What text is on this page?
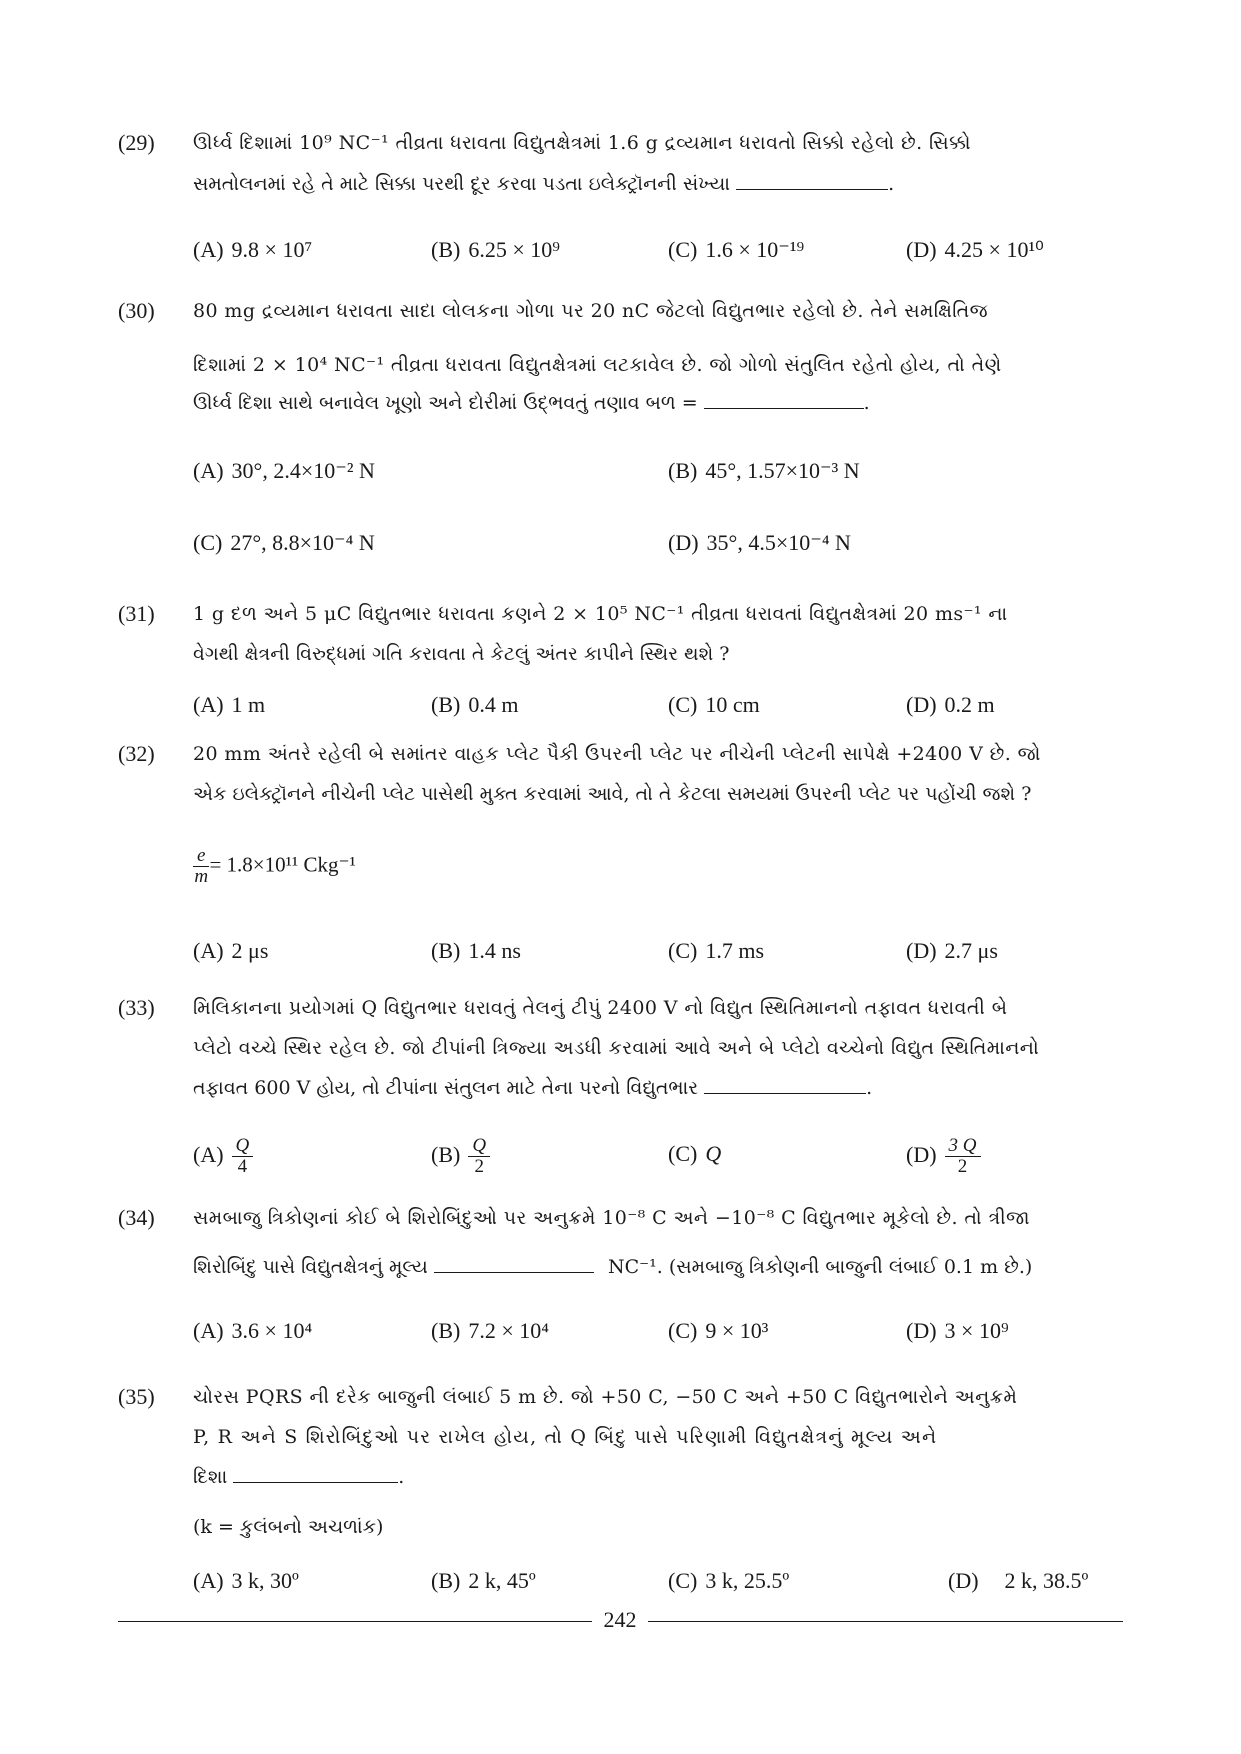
(29) ઊર્ધ્વ દિશામાં 10⁹ NC⁻¹ તીવ્રતા ધરાવતા વિદ્યુતક્ષેત્રમાં 1.6 g દ્રવ્યમાન ધરાવતો સિક્કો રહેલો છે. સિક્કો
સમતોલનમાં રહે તે માટે સિક્કા પરથી દૂર કરવા પડતા ઇલેક્ટ્રૉનની સંખ્યા	.
(A) 9.8 × 10⁷	(B) 6.25 × 10⁹	(C) 1.6 × 10⁻¹⁹	(D) 4.25 × 10¹⁰
(30) 80 mg દ્રવ્યમાન ધરાવતા સાદા લોલકના ગોળા પર 20 nC જેટલો વિદ્યુતભાર રહેલો છે. તેને સમક્ષિતિજ
દિશામાં 2 × 10⁴ NC⁻¹ તીવ્રતા ધરાવતા વિદ્યુતક્ષેત્રમાં લટકાવેલ છે. જો ગોળો સંતુલિત રહેતો હોય, તો તેણે
ઊર્ધ્વ દિશા સાથે બનાવેલ ખૂણો અને દોરીમાં ઉદ્ભવતું તણાવ બળ =	.
(A) 30°, 2.4×10⁻² N	(B) 45°, 1.57×10⁻³ N
(C) 27°, 8.8×10⁻⁴ N	(D) 35°, 4.5×10⁻⁴ N
(31) 1 g દળ અને 5 μC વિદ્યુતભાર ધરાવતા કણને 2 × 10⁵ NC⁻¹ તીવ્રતા ધરાવતાં વિદ્યુતક્ષેત્રમાં 20 ms⁻¹ ના
વેગથી ક્ષેત્રની વિરુદ્ધમાં ગતિ કરાવતા તે કેટલું અંતર કાપીને સ્થિર થશે ?
(A) 1 m	(B) 0.4 m	(C) 10 cm	(D) 0.2 m
(32) 20 mm અંતરે રહેલી બે સમાંતર વાહક પ્લેટ પૈકી ઉપરની પ્લેટ પર નીચેની પ્લેટની સાપેક્ષે +2400 V છે. જો
એક ઇલેક્ટ્રૉનને નીચેની પ્લેટ પાસેથી મુક્ત કરવામાં આવે, તો તે કેટલા સમયમાં ઉપરની પ્લેટ પર પહોંચી જશે ?
$\frac{e}{m} = 1.8\times 10^{11}$ Ckg⁻¹
(A) 2 μs	(B) 1.4 ns	(C) 1.7 ms	(D) 2.7 μs
(33) મિલિકાનના પ્રયોગમાં Q વિદ્યુતભાર ધરાવતું તેલનું ટીપું 2400 V નો વિદ્યુત સ્થિતિમાનનો તફાવત ધરાવતી બે
પ્લેટો વચ્ચે સ્થિર રહેલ છે. જો ટીપાંની ત્રિજ્યા અડધી કરવામાં આવે અને બે પ્લેટો વચ્ચેનો વિદ્યુત સ્થિતિમાનનો
તફાવત 600 V હોય, તો ટીપાંના સંતુલન માટે તેના પરનો વિદ્યુતભાર	.
$(A) \frac{Q}{4}$	$(B) \frac{Q}{2}$	(C) Q	$(D) \frac{3 Q}{2}$
(34) સમબાજુ ત્રિકોણનાં કોઈ બે શિરોબિંદુઓ પર અનુક્રમે 10⁻⁸ C અને −10⁻⁸ C વિદ્યુતભાર મૂકેલો છે. તો ત્રીજા
શિરોબિંદુ પાસે વિદ્યુતક્ષેત્રનું મૂલ્ય	NC⁻¹. (સમબાજુ ત્રિકોણની બાજુની લંબાઈ 0.1 m છે.)
(A) 3.6 × 10⁴	(B) 7.2 × 10⁴	(C) 9 × 10³	(D) 3 × 10⁹
(35) ચોરસ PQRS ની દરેક બાજુની લંબાઈ 5 m છે. જો +50 C, −50 C અને +50 C વિદ્યુતભારોને અનુક્રમે
P, R અને S શિરોબિંદુઓ પર રાખેલ હોય, તો Q બિંદુ પાસે પરિણામી વિદ્યુતક્ષેત્રનું મૂલ્ય અને
દિશા	.
(k = કુલંબનો અચળાંક)
(A) 3 k, 30º	(B) 2 k, 45º	(C) 3 k, 25.5º	(D) 2 k, 38.5º
242
